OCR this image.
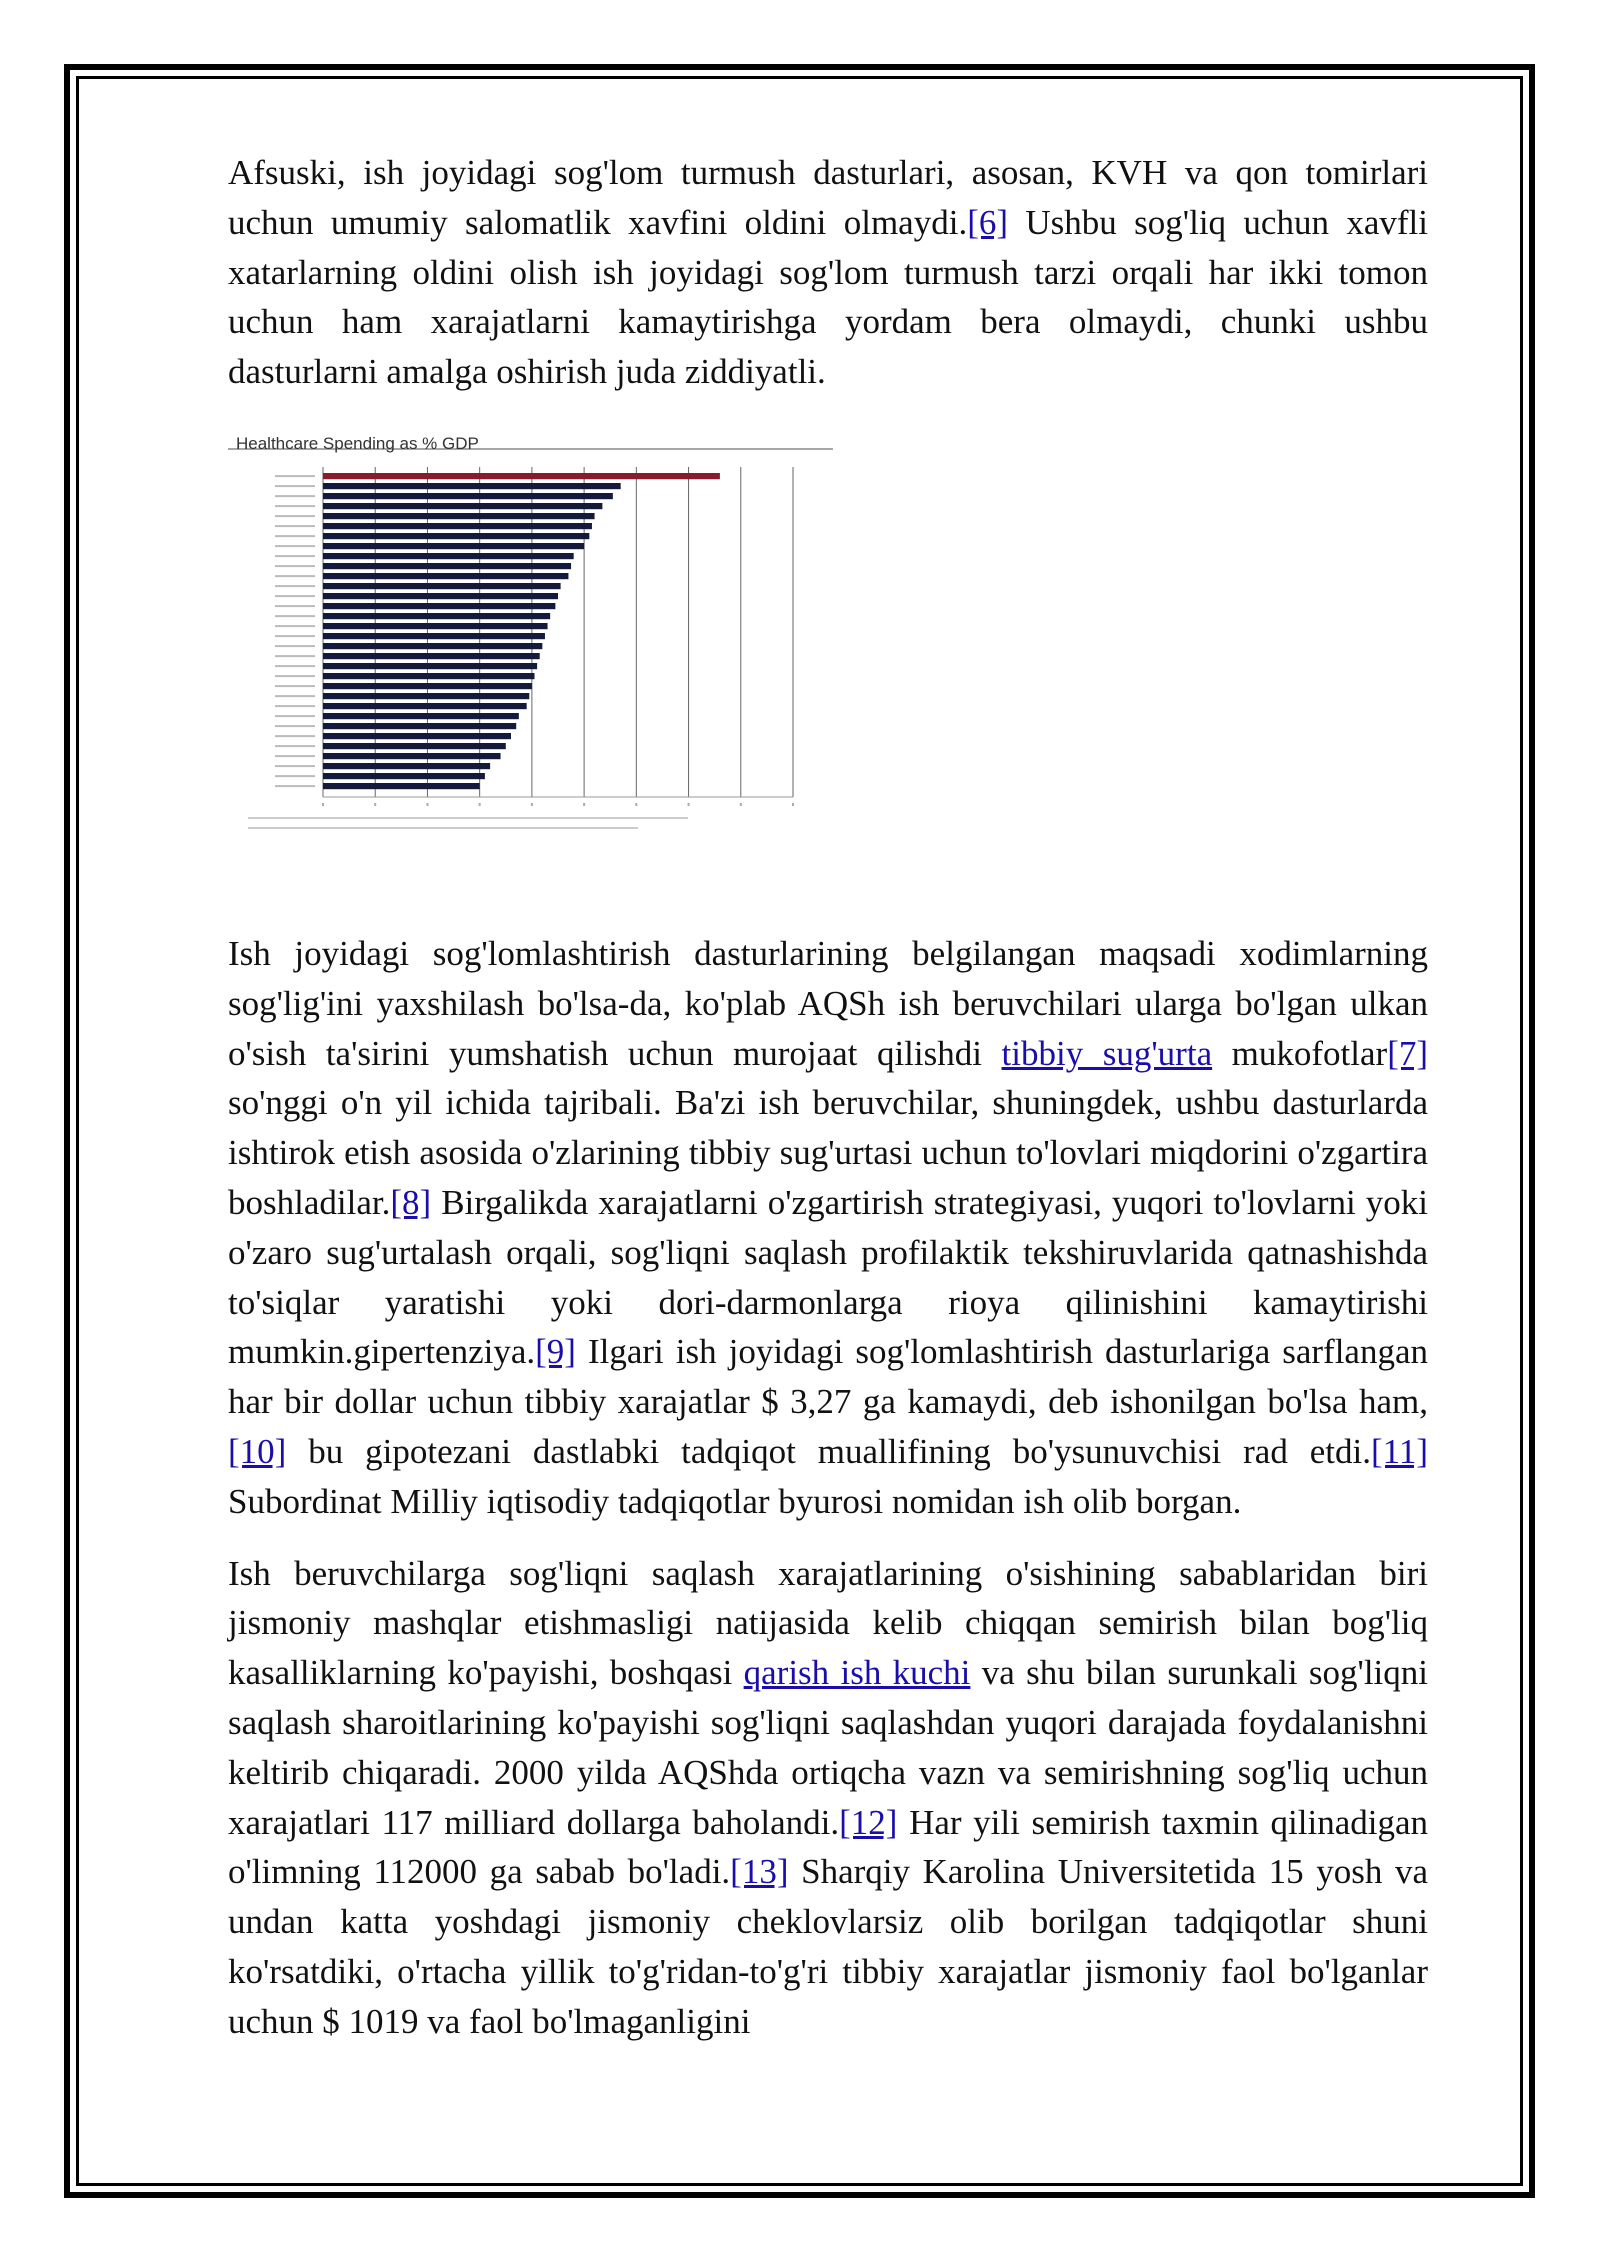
Afsuski, ish joyidagi sog'lom turmush dasturlari, asosan, KVH va qon tomirlari uchun umumiy salomatlik xavfini oldini olmaydi.[6] Ushbu sog'liq uchun xavfli xatarlarning oldini olish ish joyidagi sog'lom turmush tarzi orqali har ikki tomon uchun ham xarajatlarni kamaytirishga yordam bera olmaydi, chunki ushbu dasturlarni amalga oshirish juda ziddiyatli.

Healthcare Spending as % GDP

Ish joyidagi sog'lomlashtirish dasturlarining belgilangan maqsadi xodimlarning sog'lig'ini yaxshilash bo'lsa-da, ko'plab AQSh ish beruvchilari ularga bo'lgan ulkan o'sish ta'sirini yumshatish uchun murojaat qilishdi tibbiy sug'urta mukofotlar[7] so'nggi o'n yil ichida tajribali. Ba'zi ish beruvchilar, shuningdek, ushbu dasturlarda ishtirok etish asosida o'zlarining tibbiy sug'urtasi uchun to'lovlari miqdorini o'zgartira boshladilar.[8] Birgalikda xarajatlarni o'zgartirish strategiyasi, yuqori to'lovlarni yoki o'zaro sug'urtalash orqali, sog'liqni saqlash profilaktik tekshiruvlarida qatnashishda to'siqlar yaratishi yoki dori-darmonlarga rioya qilinishini kamaytirishi mumkin.gipertenziya.[9] Ilgari ish joyidagi sog'lomlashtirish dasturlariga sarflangan har bir dollar uchun tibbiy xarajatlar $ 3,27 ga kamaydi, deb ishonilgan bo'lsa ham,[10] bu gipotezani dastlabki tadqiqot muallifining bo'ysunuvchisi rad etdi.[11] Subordinat Milliy iqtisodiy tadqiqotlar byurosi nomidan ish olib borgan.

Ish beruvchilarga sog'liqni saqlash xarajatlarining o'sishining sabablaridan biri jismoniy mashqlar etishmasligi natijasida kelib chiqqan semirish bilan bog'liq kasalliklarning ko'payishi, boshqasi qarish ish kuchi va shu bilan surunkali sog'liqni saqlash sharoitlarining ko'payishi sog'liqni saqlashdan yuqori darajada foydalanishni keltirib chiqaradi. 2000 yilda AQShda ortiqcha vazn va semirishning sog'liq uchun xarajatlari 117 milliard dollarga baholandi.[12] Har yili semirish taxmin qilinadigan o'limning 112000 ga sabab bo'ladi.[13] Sharqiy Karolina Universitetida 15 yosh va undan katta yoshdagi jismoniy cheklovlarsiz olib borilgan tadqiqotlar shuni ko'rsatdiki, o'rtacha yillik to'g'ridan-to'g'ri tibbiy xarajatlar jismoniy faol bo'lganlar uchun $ 1019 va faol bo'lmaganligini
